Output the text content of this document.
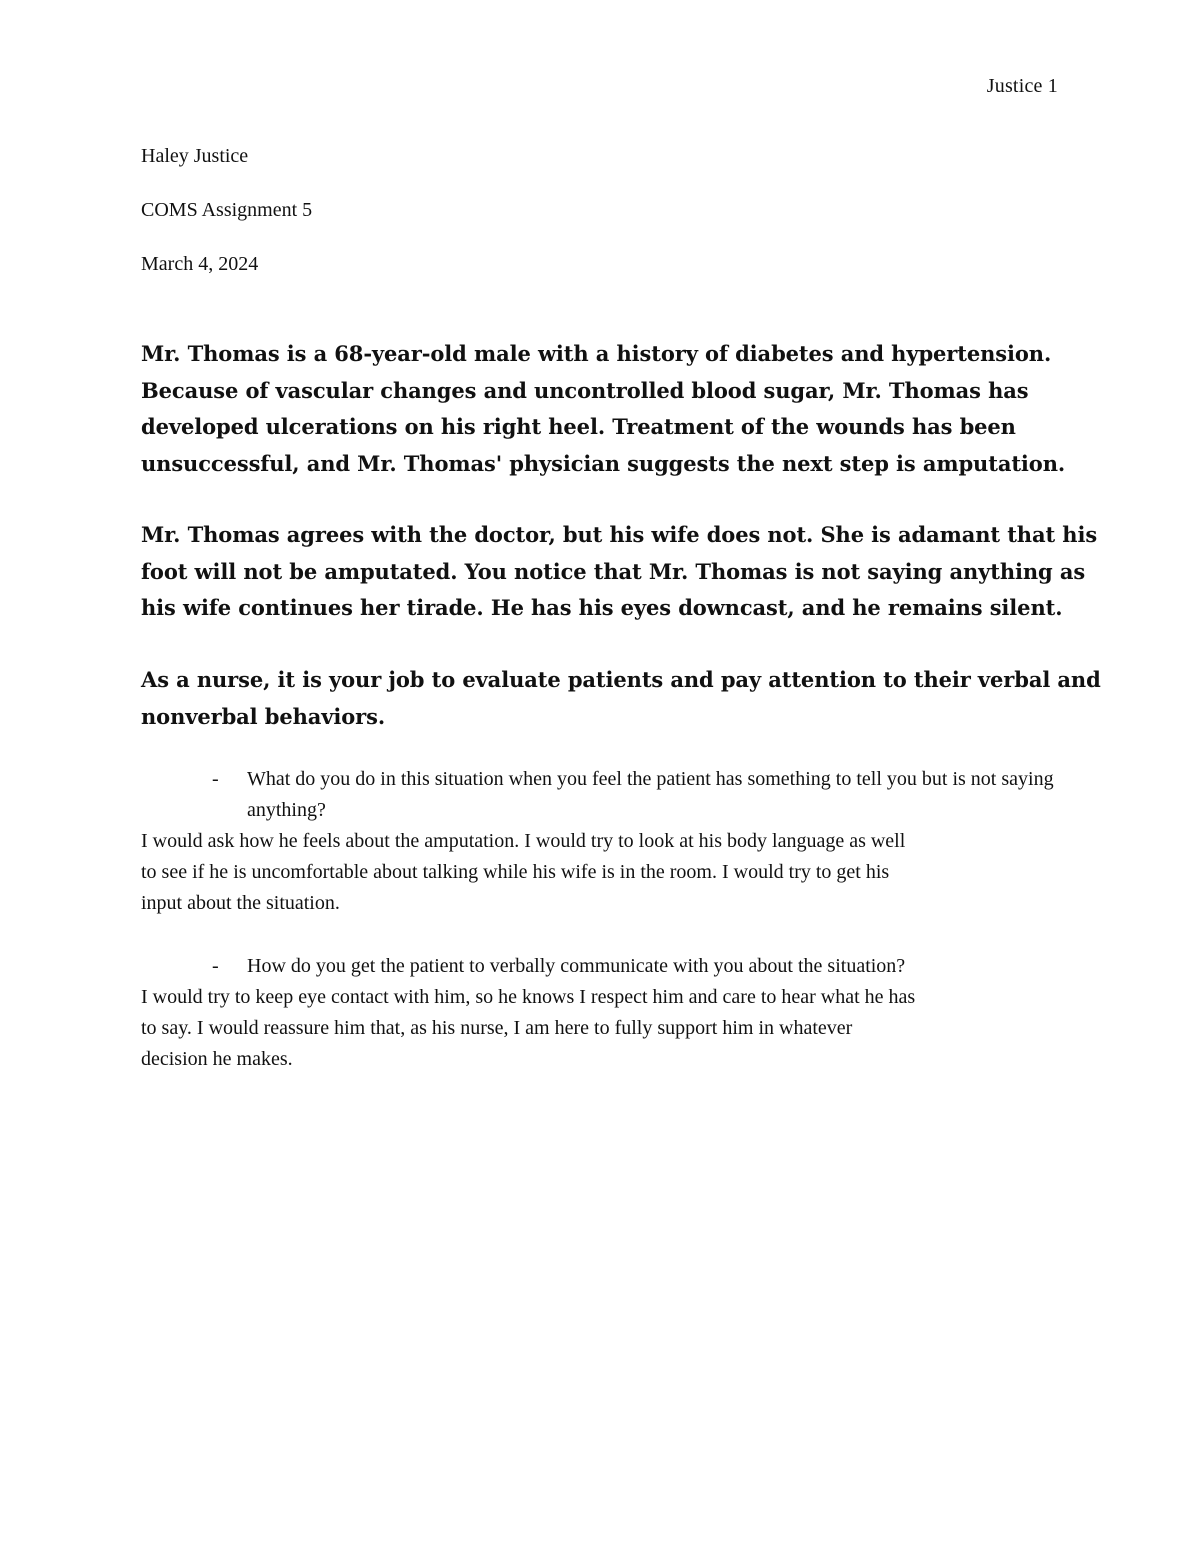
Justice 1
Haley Justice
COMS Assignment 5
March 4, 2024
Mr. Thomas is a 68-year-old male with a history of diabetes and hypertension.
Because of vascular changes and uncontrolled blood sugar, Mr. Thomas has
developed ulcerations on his right heel. Treatment of the wounds has been
unsuccessful, and Mr. Thomas' physician suggests the next step is amputation.
Mr. Thomas agrees with the doctor, but his wife does not. She is adamant that his
foot will not be amputated. You notice that Mr. Thomas is not saying anything as
his wife continues her tirade. He has his eyes downcast, and he remains silent.
As a nurse, it is your job to evaluate patients and pay attention to their verbal and
nonverbal behaviors.
- What do you do in this situation when you feel the patient has something to tell you but is not saying anything?
I would ask how he feels about the amputation. I would try to look at his body language as well
to see if he is uncomfortable about talking while his wife is in the room. I would try to get his
input about the situation.
- How do you get the patient to verbally communicate with you about the situation?
I would try to keep eye contact with him, so he knows I respect him and care to hear what he has
to say. I would reassure him that, as his nurse, I am here to fully support him in whatever
decision he makes.
